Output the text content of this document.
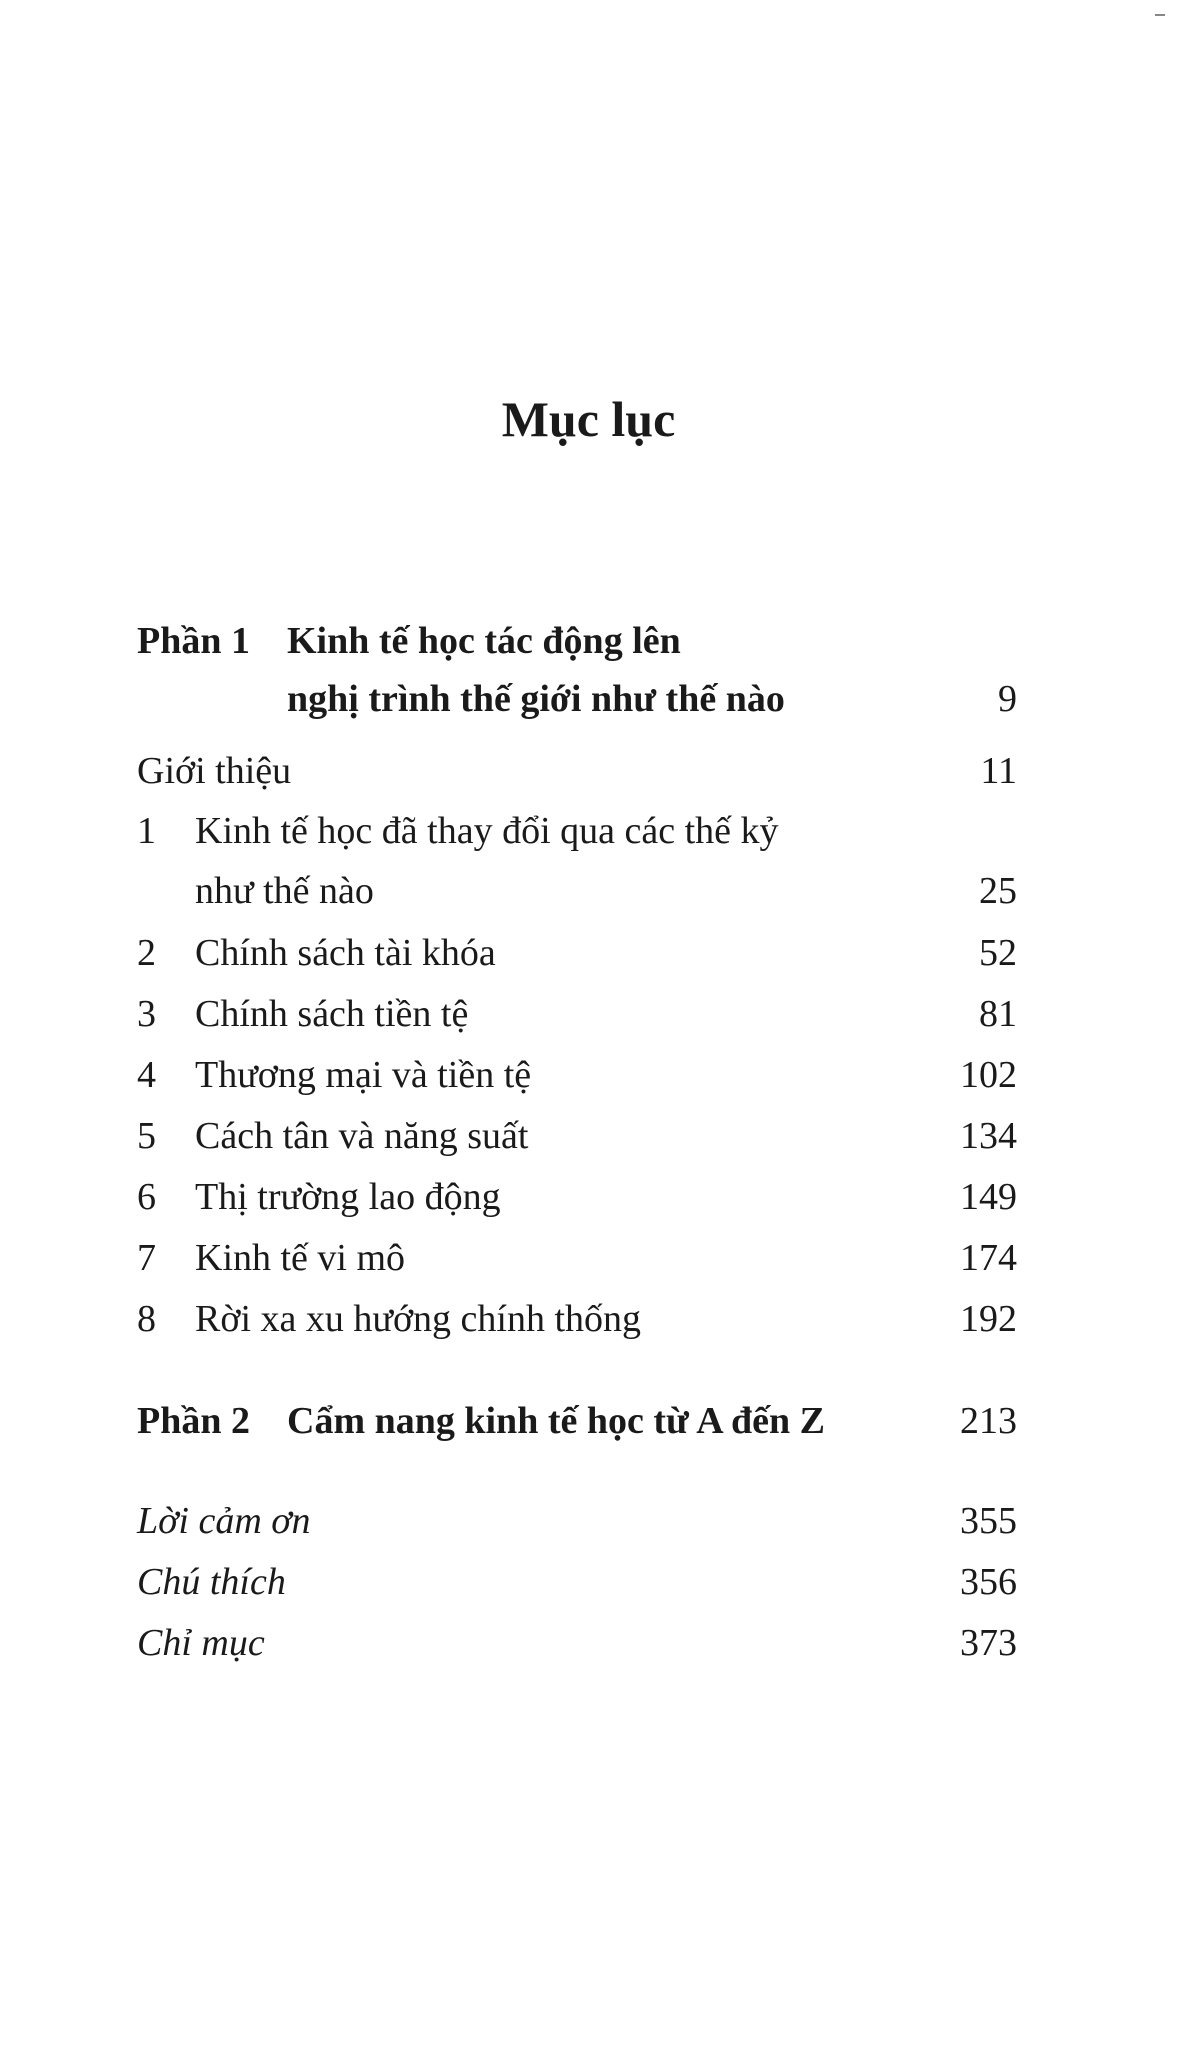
Mục lục
Phần 1 Kinh tế học tác động lên
nghị trình thế giới như thế nào	9
Giới thiệu	11
1 Kinh tế học đã thay đổi qua các thế kỷ
như thế nào	25
2 Chính sách tài khóa	52
3 Chính sách tiền tệ	81
4 Thương mại và tiền tệ	102
5 Cách tân và năng suất	134
6 Thị trường lao động	149
7 Kinh tế vi mô	174
8 Rời xa xu hướng chính thống	192
Phần 2 Cẩm nang kinh tế học từ A đến Z	213
Lời cảm ơn	355
Chú thích	356
Chỉ mục	373
